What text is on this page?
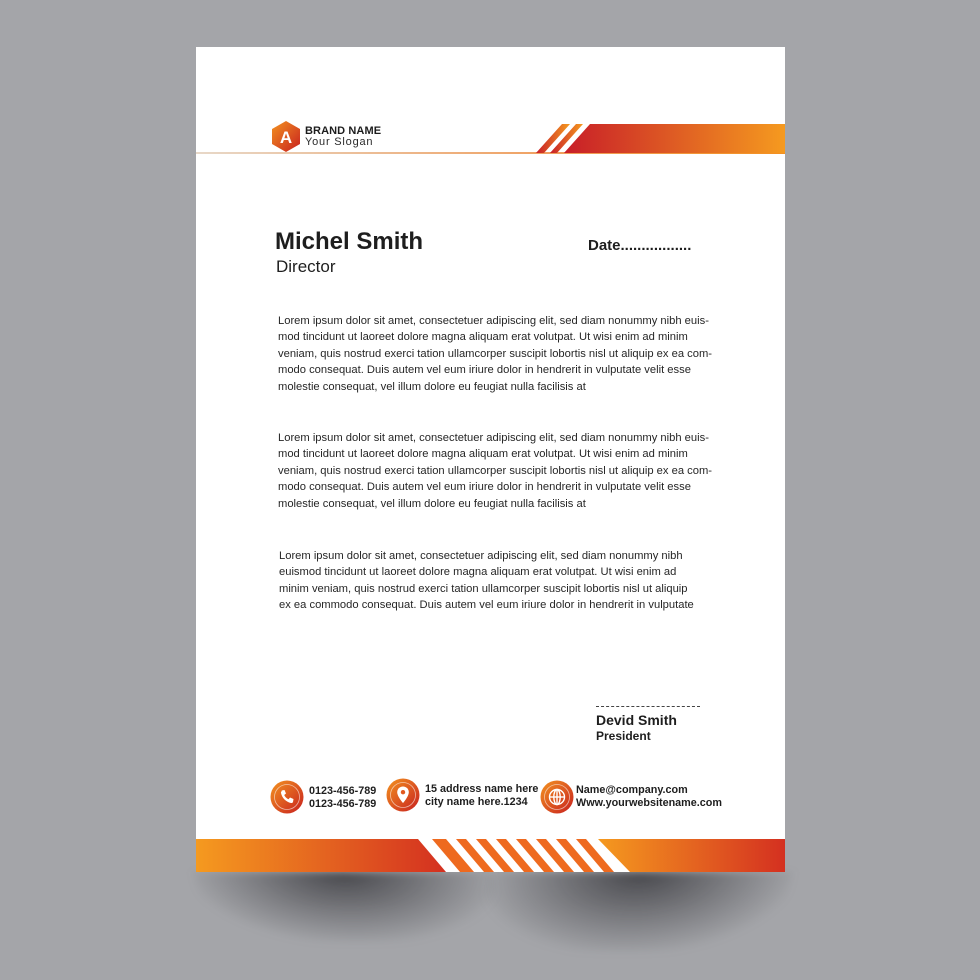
A BRAND NAME
Your Slogan
Michel Smith
Director
Date.................

Lorem ipsum dolor sit amet, consectetuer adipiscing elit, sed diam nonummy nibh euis-
mod tincidunt ut laoreet dolore magna aliquam erat volutpat. Ut wisi enim ad minim
veniam, quis nostrud exerci tation ullamcorper suscipit lobortis nisl ut aliquip ex ea com-
modo consequat. Duis autem vel eum iriure dolor in hendrerit in vulputate velit esse
molestie consequat, vel illum dolore eu feugiat nulla facilisis at

Lorem ipsum dolor sit amet, consectetuer adipiscing elit, sed diam nonummy nibh euis-
mod tincidunt ut laoreet dolore magna aliquam erat volutpat. Ut wisi enim ad minim
veniam, quis nostrud exerci tation ullamcorper suscipit lobortis nisl ut aliquip ex ea com-
modo consequat. Duis autem vel eum iriure dolor in hendrerit in vulputate velit esse
molestie consequat, vel illum dolore eu feugiat nulla facilisis at

Lorem ipsum dolor sit amet, consectetuer adipiscing elit, sed diam nonummy nibh
euismod tincidunt ut laoreet dolore magna aliquam erat volutpat. Ut wisi enim ad
minim veniam, quis nostrud exerci tation ullamcorper suscipit lobortis nisl ut aliquip
ex ea commodo consequat. Duis autem vel eum iriure dolor in hendrerit in vulputate

Devid Smith
President
0123-456-789
0123-456-789
15 address name here
city name here.1234
Name@company.com
Www.yourwebsitename.com
